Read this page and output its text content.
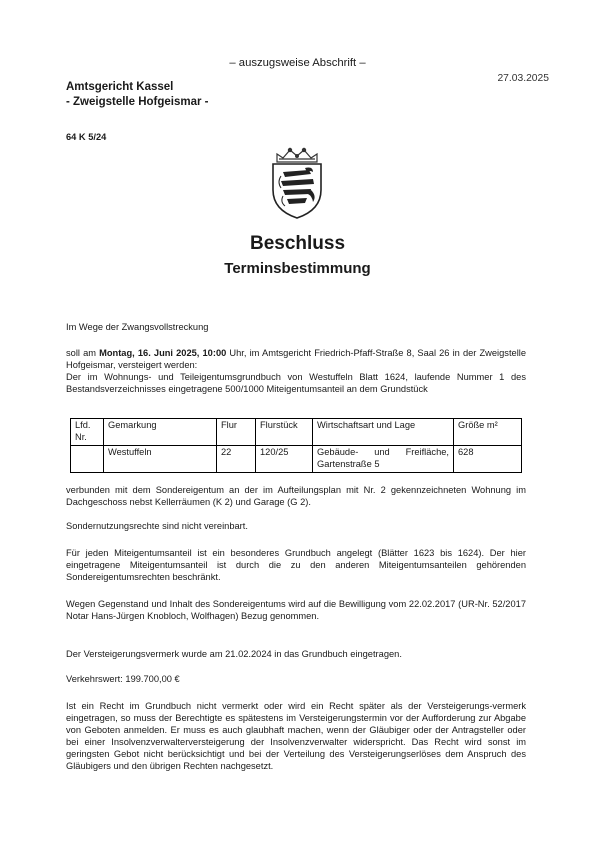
– auszugsweise Abschrift –
27.03.2025
Amtsgericht Kassel
- Zweigstelle Hofgeismar -
64 K 5/24
Beschluss
Terminsbestimmung
Im Wege der Zwangsvollstreckung
soll am Montag, 16. Juni 2025, 10:00 Uhr, im Amtsgericht Friedrich-Pfaff-Straße 8, Saal 26 in der Zweigstelle Hofgeismar, versteigert werden:
Der im Wohnungs- und Teileigentumsgrundbuch von Westuffeln Blatt 1624, laufende Nummer 1 des Bestandsverzeichnisses eingetragene 500/1000 Miteigentumsanteil an dem Grundstück
Lfd. Nr.	Gemarkung	Flur	Flurstück	Wirtschaftsart und Lage	Größe m²
	Westuffeln	22	120/25	Gebäude- und Freifläche, Gartenstraße 5	628
verbunden mit dem Sondereigentum an der im Aufteilungsplan mit Nr. 2 gekennzeichneten Wohnung im Dachgeschoss nebst Kellerräumen (K 2) und Garage (G 2).
Sondernutzungsrechte sind nicht vereinbart.
Für jeden Miteigentumsanteil ist ein besonderes Grundbuch angelegt (Blätter 1623 bis 1624). Der hier eingetragene Miteigentumsanteil ist durch die zu den anderen Miteigentumsanteilen gehörenden Sondereigentumsrechten beschränkt.
Wegen Gegenstand und Inhalt des Sondereigentums wird auf die Bewilligung vom 22.02.2017 (UR-Nr. 52/2017 Notar Hans-Jürgen Knobloch, Wolfhagen) Bezug genommen.
Der Versteigerungsvermerk wurde am 21.02.2024 in das Grundbuch eingetragen.
Verkehrswert: 199.700,00 €
Ist ein Recht im Grundbuch nicht vermerkt oder wird ein Recht später als der Versteigerungs-vermerk eingetragen, so muss der Berechtigte es spätestens im Versteigerungstermin vor der Aufforderung zur Abgabe von Geboten anmelden. Er muss es auch glaubhaft machen, wenn der Gläubiger oder der Antragsteller oder bei einer Insolvenzverwalterversteigerung der Insolvenzverwalter widerspricht. Das Recht wird sonst im geringsten Gebot nicht berücksichtigt und bei der Verteilung des Versteigerungserlöses dem Anspruch des Gläubigers und den übrigen Rechten nachgesetzt.
